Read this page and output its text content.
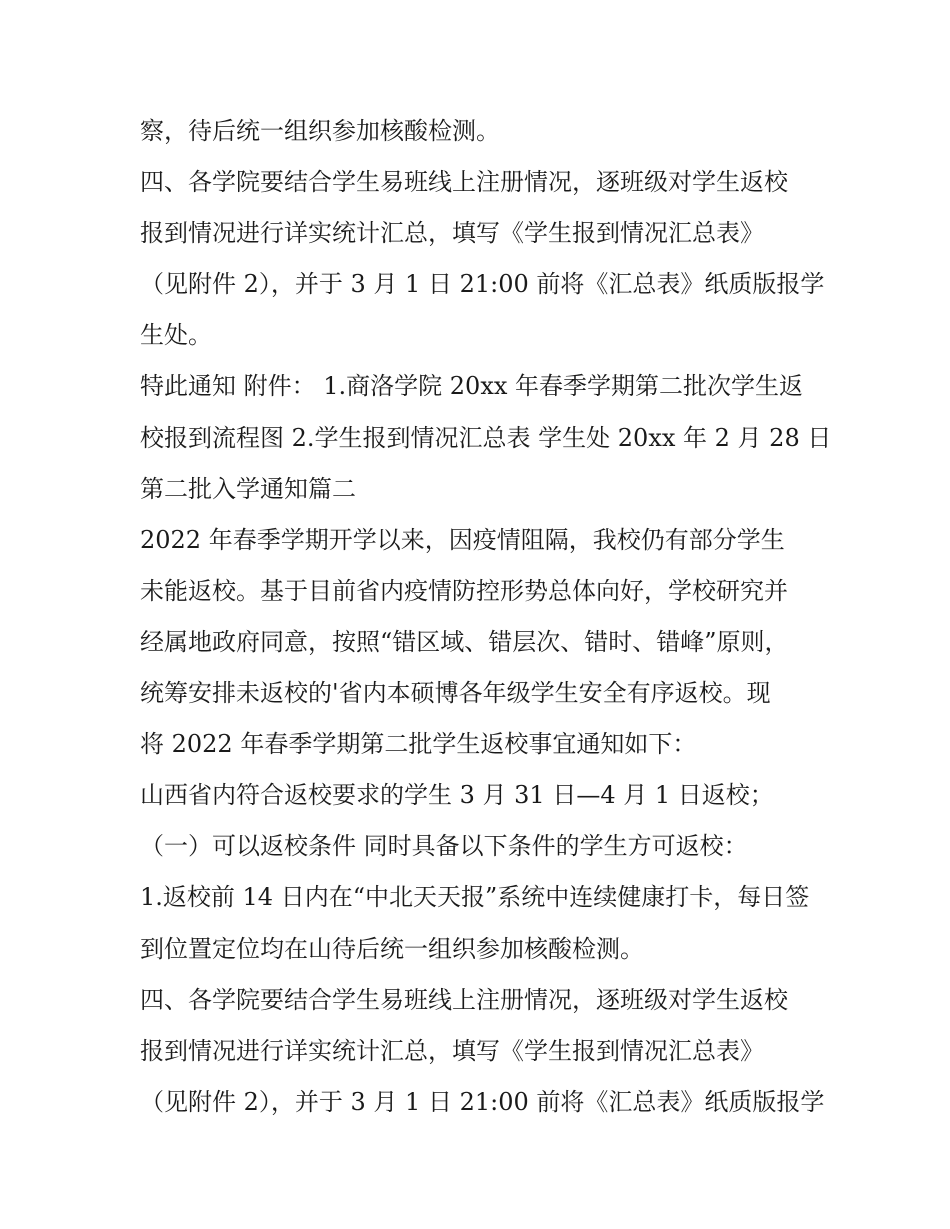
察，待后统一组织参加核酸检测。
四、各学院要结合学生易班线上注册情况，逐班级对学生返校
报到情况进行详实统计汇总，填写《学生报到情况汇总表》
（见附件 2），并于 3 月 1 日 21:00 前将《汇总表》纸质版报学
生处。
特此通知 附件： 1.商洛学院 20xx 年春季学期第二批次学生返
校报到流程图 2.学生报到情况汇总表 学生处 20xx 年 2 月 28 日
第二批入学通知篇二
2022 年春季学期开学以来，因疫情阻隔，我校仍有部分学生
未能返校。基于目前省内疫情防控形势总体向好，学校研究并
经属地政府同意，按照“错区域、错层次、错时、错峰”原则，
统筹安排未返校的'省内本硕博各年级学生安全有序返校。现
将 2022 年春季学期第二批学生返校事宜通知如下：
山西省内符合返校要求的学生 3 月 31 日—4 月 1 日返校；
（一）可以返校条件 同时具备以下条件的学生方可返校：
1.返校前 14 日内在“中北天天报”系统中连续健康打卡，每日签
到位置定位均在山待后统一组织参加核酸检测。
四、各学院要结合学生易班线上注册情况，逐班级对学生返校
报到情况进行详实统计汇总，填写《学生报到情况汇总表》
（见附件 2），并于 3 月 1 日 21:00 前将《汇总表》纸质版报学
